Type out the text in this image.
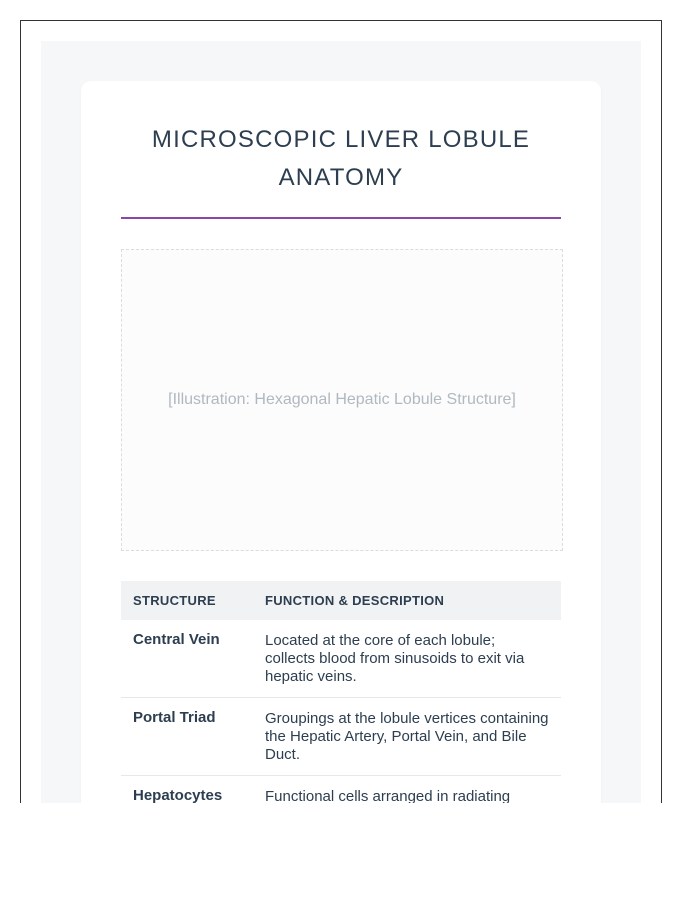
MICROSCOPIC LIVER LOBULE ANATOMY
[Illustration: Hexagonal Hepatic Lobule Structure]
STRUCTURE	FUNCTION & DESCRIPTION
Central Vein	Located at the core of each lobule; collects blood from sinusoids to exit via hepatic veins.
Portal Triad	Groupings at the lobule vertices containing the Hepatic Artery, Portal Vein, and Bile Duct.
Hepatocytes	Functional cells arranged in radiating
